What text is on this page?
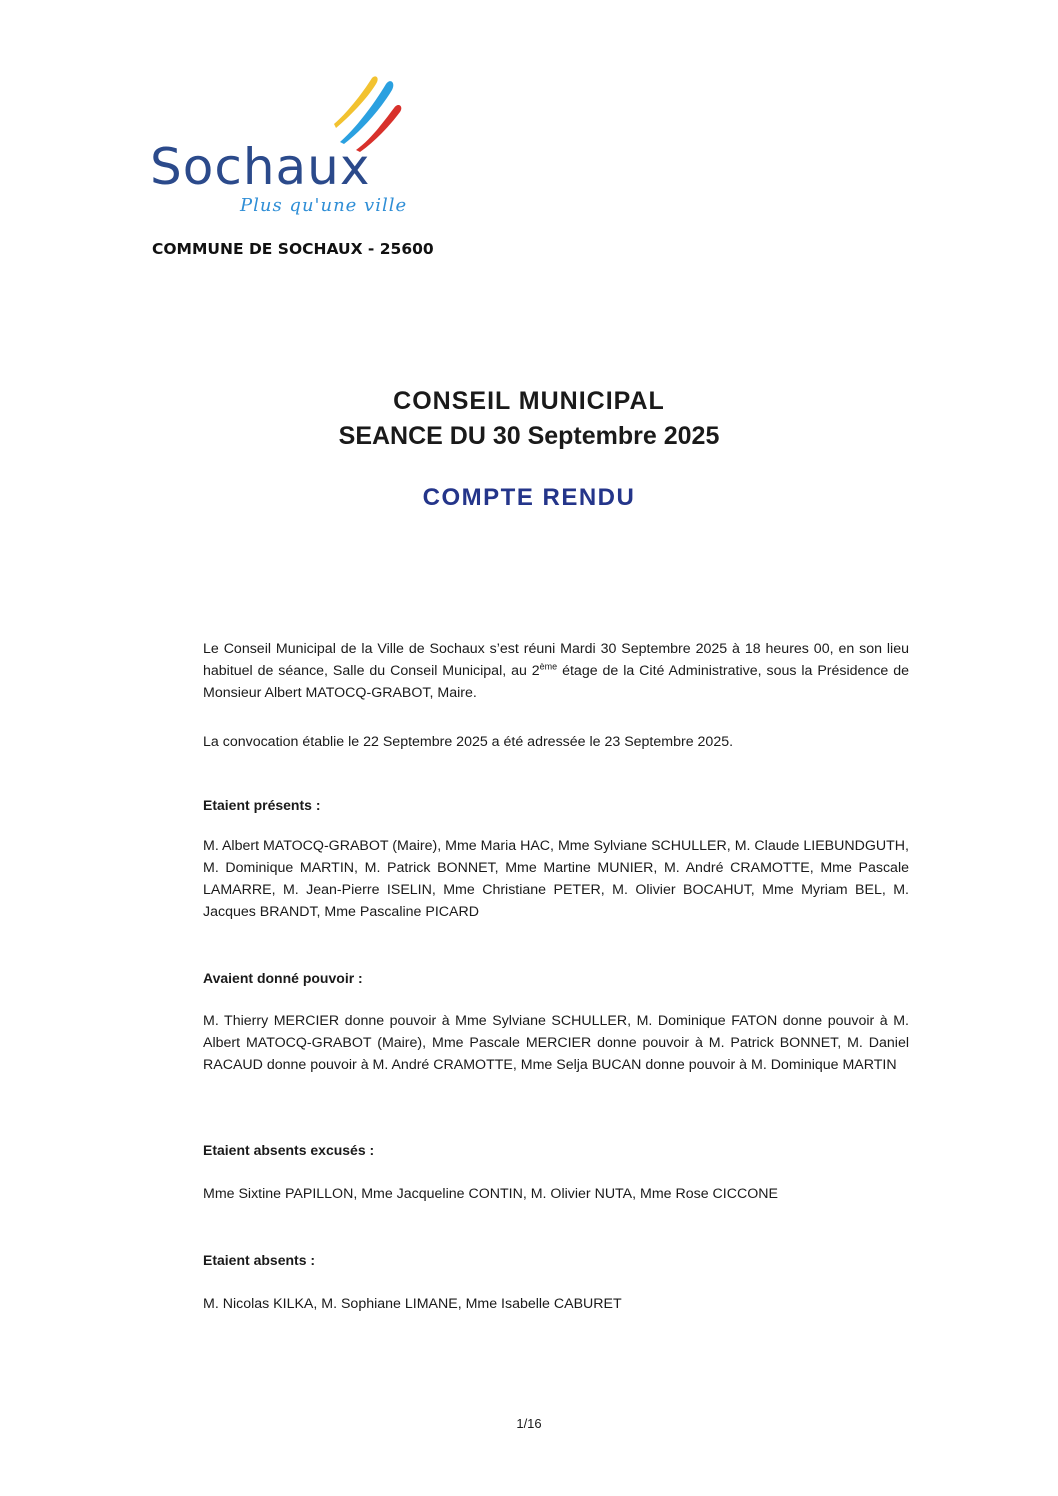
Sochaux
Plus qu'une ville
COMMUNE DE SOCHAUX - 25600
CONSEIL MUNICIPAL
SEANCE DU 30 Septembre 2025
COMPTE RENDU
Le Conseil Municipal de la Ville de Sochaux s’est réuni Mardi 30 Septembre 2025 à 18 heures 00, en son lieu habituel de séance, Salle du Conseil Municipal, au 2ème étage de la Cité Administrative, sous la Présidence de Monsieur Albert MATOCQ-GRABOT, Maire.
La convocation établie le 22 Septembre 2025 a été adressée le 23 Septembre 2025.
Etaient présents :
M. Albert MATOCQ-GRABOT (Maire), Mme Maria HAC, Mme Sylviane SCHULLER, M. Claude LIEBUNDGUTH, M. Dominique MARTIN, M. Patrick BONNET, Mme Martine MUNIER, M. André CRAMOTTE, Mme Pascale LAMARRE, M. Jean-Pierre ISELIN, Mme Christiane PETER, M. Olivier BOCAHUT, Mme Myriam BEL, M. Jacques BRANDT, Mme Pascaline PICARD
Avaient donné pouvoir :
M. Thierry MERCIER donne pouvoir à Mme Sylviane SCHULLER, M. Dominique FATON donne pouvoir à M. Albert MATOCQ-GRABOT (Maire), Mme Pascale MERCIER donne pouvoir à M. Patrick BONNET, M. Daniel RACAUD donne pouvoir à M. André CRAMOTTE, Mme Selja BUCAN donne pouvoir à M. Dominique MARTIN
Etaient absents excusés :
Mme Sixtine PAPILLON, Mme Jacqueline CONTIN, M. Olivier NUTA, Mme Rose CICCONE
Etaient absents :
M. Nicolas KILKA, M. Sophiane LIMANE, Mme Isabelle CABURET
1/16
